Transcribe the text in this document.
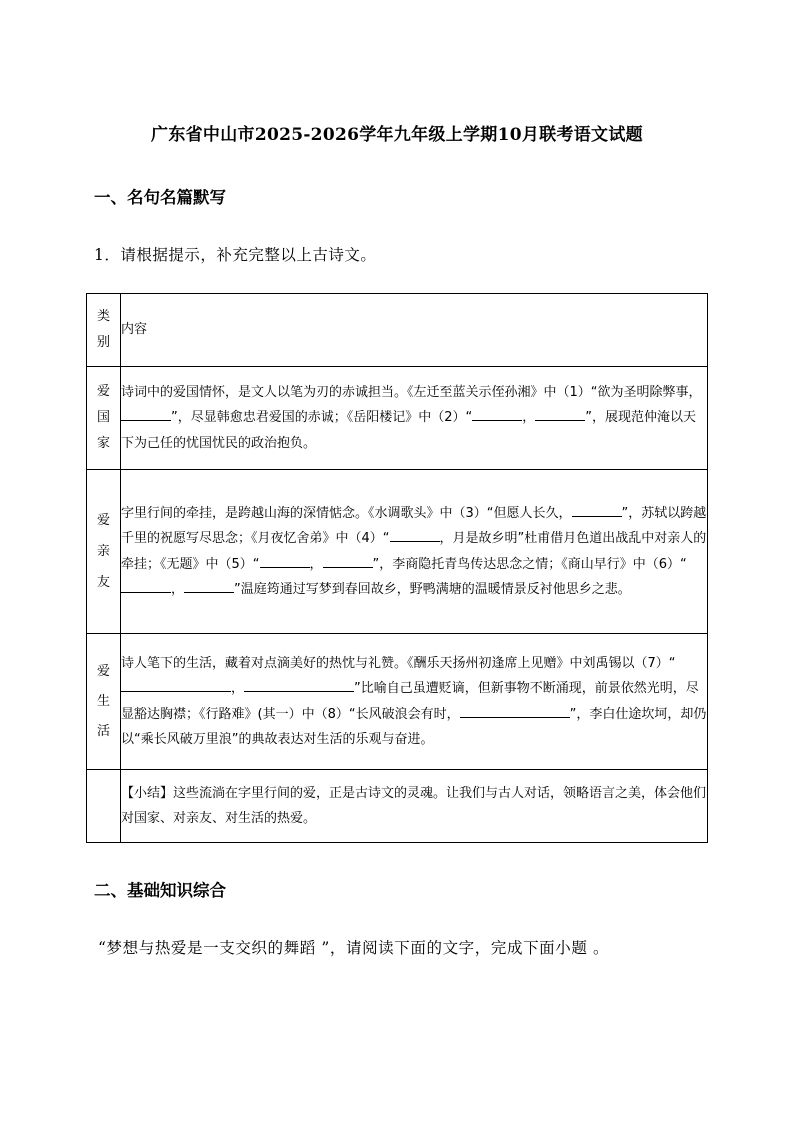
广东省中山市2025-2026学年九年级上学期10月联考语文试题
一、名句名篇默写
1．请根据提示，补充完整以上古诗文。
类
别	内容

爱
国
家	诗词中的爱国情怀，是文人以笔为刃的赤诚担当。《左迁至蓝关示侄孙湘》中（1）“欲为圣明除弊事，”，尽显韩愈忠君爱国的赤诚；《岳阳楼记》中（2）“ ， ”，展现范仲淹以天下为己任的忧国忧民的政治抱负。

爱
亲
友	字里行间的牵挂，是跨越山海的深情惦念。《水调歌头》中（3）“但愿人长久， ”，苏轼以跨越千里的祝愿写尽思念；《月夜忆舍弟》中（4）“ ，月是故乡明”杜甫借月色道出战乱中对亲人的牵挂；《无题》中（5）“ ， ”，李商隐托青鸟传达思念之情；《商山早行》中（6）“， ”温庭筠通过写梦到春回故乡，野鸭满塘的温暖情景反衬他思乡之悲。

爱
生
活	诗人笔下的生活，藏着对点滴美好的热忱与礼赞。《酬乐天扬州初逢席上见赠》中刘禹锡以（7）“， ”比喻自己虽遭贬谪，但新事物不断涌现，前景依然光明，尽显豁达胸襟；《行路难》(其一）中（8）“长风破浪会有时， ”，李白仕途坎坷，却仍以“乘长风破万里浪”的典故表达对生活的乐观与奋进。
	【小结】这些流淌在字里行间的爱，正是古诗文的灵魂。让我们与古人对话，领略语言之美，体会他们对国家、对亲友、对生活的热爱。
二、基础知识综合
“梦想与热爱是一支交织的舞蹈 ”，请阅读下面的文字，完成下面小题 。
